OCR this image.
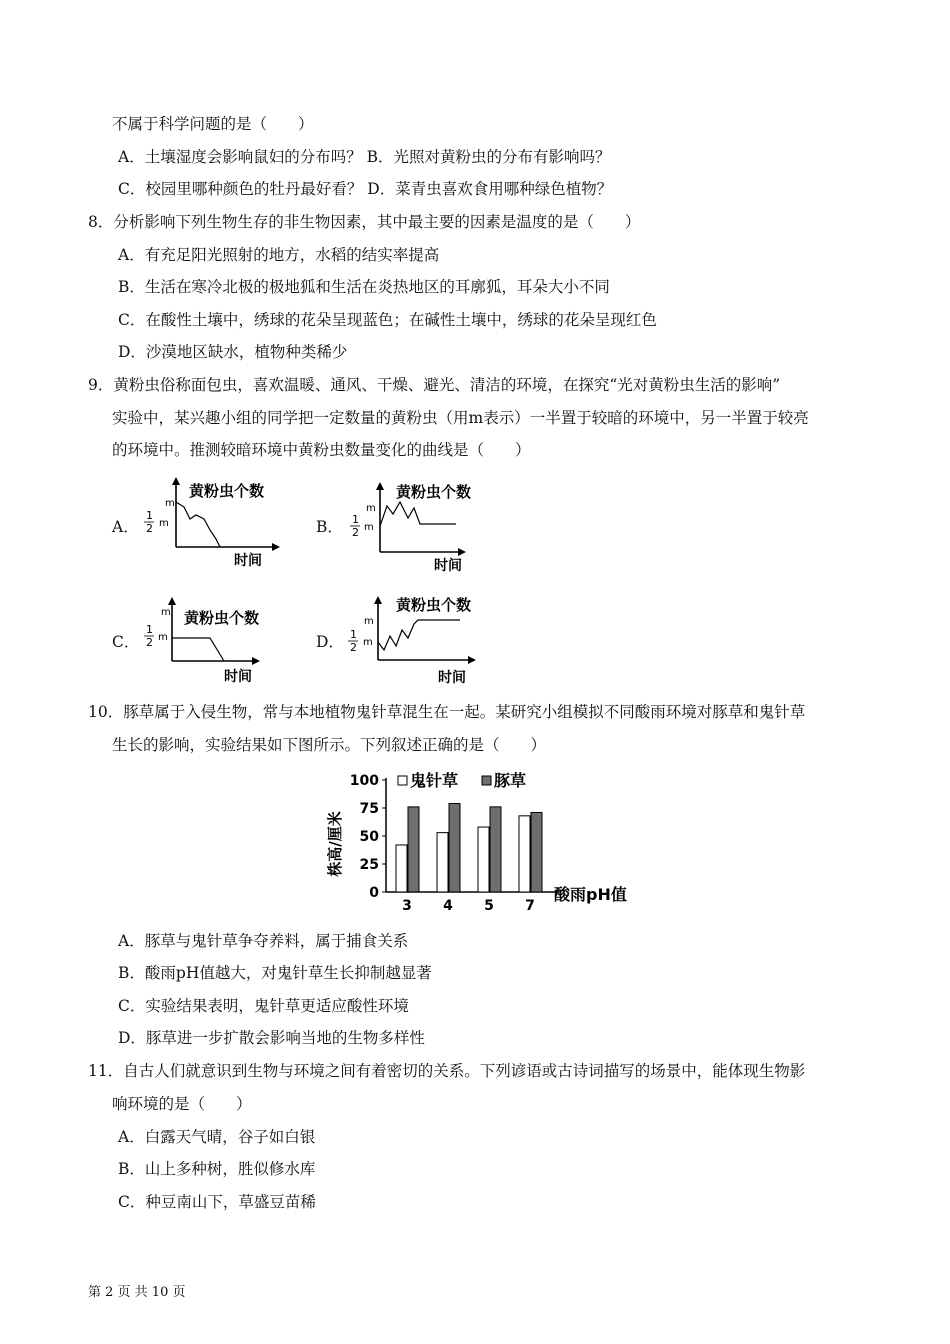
不属于科学问题的是（　　）
A．土壤湿度会影响鼠妇的分布吗？ B．光照对黄粉虫的分布有影响吗？
C．校园里哪种颜色的牡丹最好看？ D．菜青虫喜欢食用哪种绿色植物？
8．分析影响下列生物生存的非生物因素，其中最主要的因素是温度的是（　　）
A．有充足阳光照射的地方，水稻的结实率提高
B．生活在寒冷北极的极地狐和生活在炎热地区的耳廓狐，耳朵大小不同
C．在酸性土壤中，绣球的花朵呈现蓝色；在碱性土壤中，绣球的花朵呈现红色
D．沙漠地区缺水，植物种类稀少
9．黄粉虫俗称面包虫，喜欢温暖、通风、干燥、避光、清洁的环境，在探究“光对黄粉虫生活的影响”
实验中，某兴趣小组的同学把一定数量的黄粉虫（用m表示）一半置于较暗的环境中，另一半置于较亮
的环境中。推测较暗环境中黄粉虫数量变化的曲线是（　　）
A．	B．
C．	D．
黄粉虫个数
m
1
2 m
时间
黄粉虫个数
m
1
2 m
时间
黄粉虫个数
m
1
2 m
时间
黄粉虫个数
m
1
2 m
时间
10．豚草属于入侵生物，常与本地植物鬼针草混生在一起。某研究小组模拟不同酸雨环境对豚草和鬼针草
生长的影响，实验结果如下图所示。下列叙述正确的是（　　）
鬼针草 豚草
株高/厘米
酸雨pH值
0
25
50
75
100
3 4 5 7
A．豚草与鬼针草争夺养料，属于捕食关系
B．酸雨pH值越大，对鬼针草生长抑制越显著
C．实验结果表明，鬼针草更适应酸性环境
D．豚草进一步扩散会影响当地的生物多样性
11．自古人们就意识到生物与环境之间有着密切的关系。下列谚语或古诗词描写的场景中，能体现生物影
响环境的是（　　）
A．白露天气晴，谷子如白银
B．山上多种树，胜似修水库
C．种豆南山下，草盛豆苗稀
第 2 页 共 10 页
